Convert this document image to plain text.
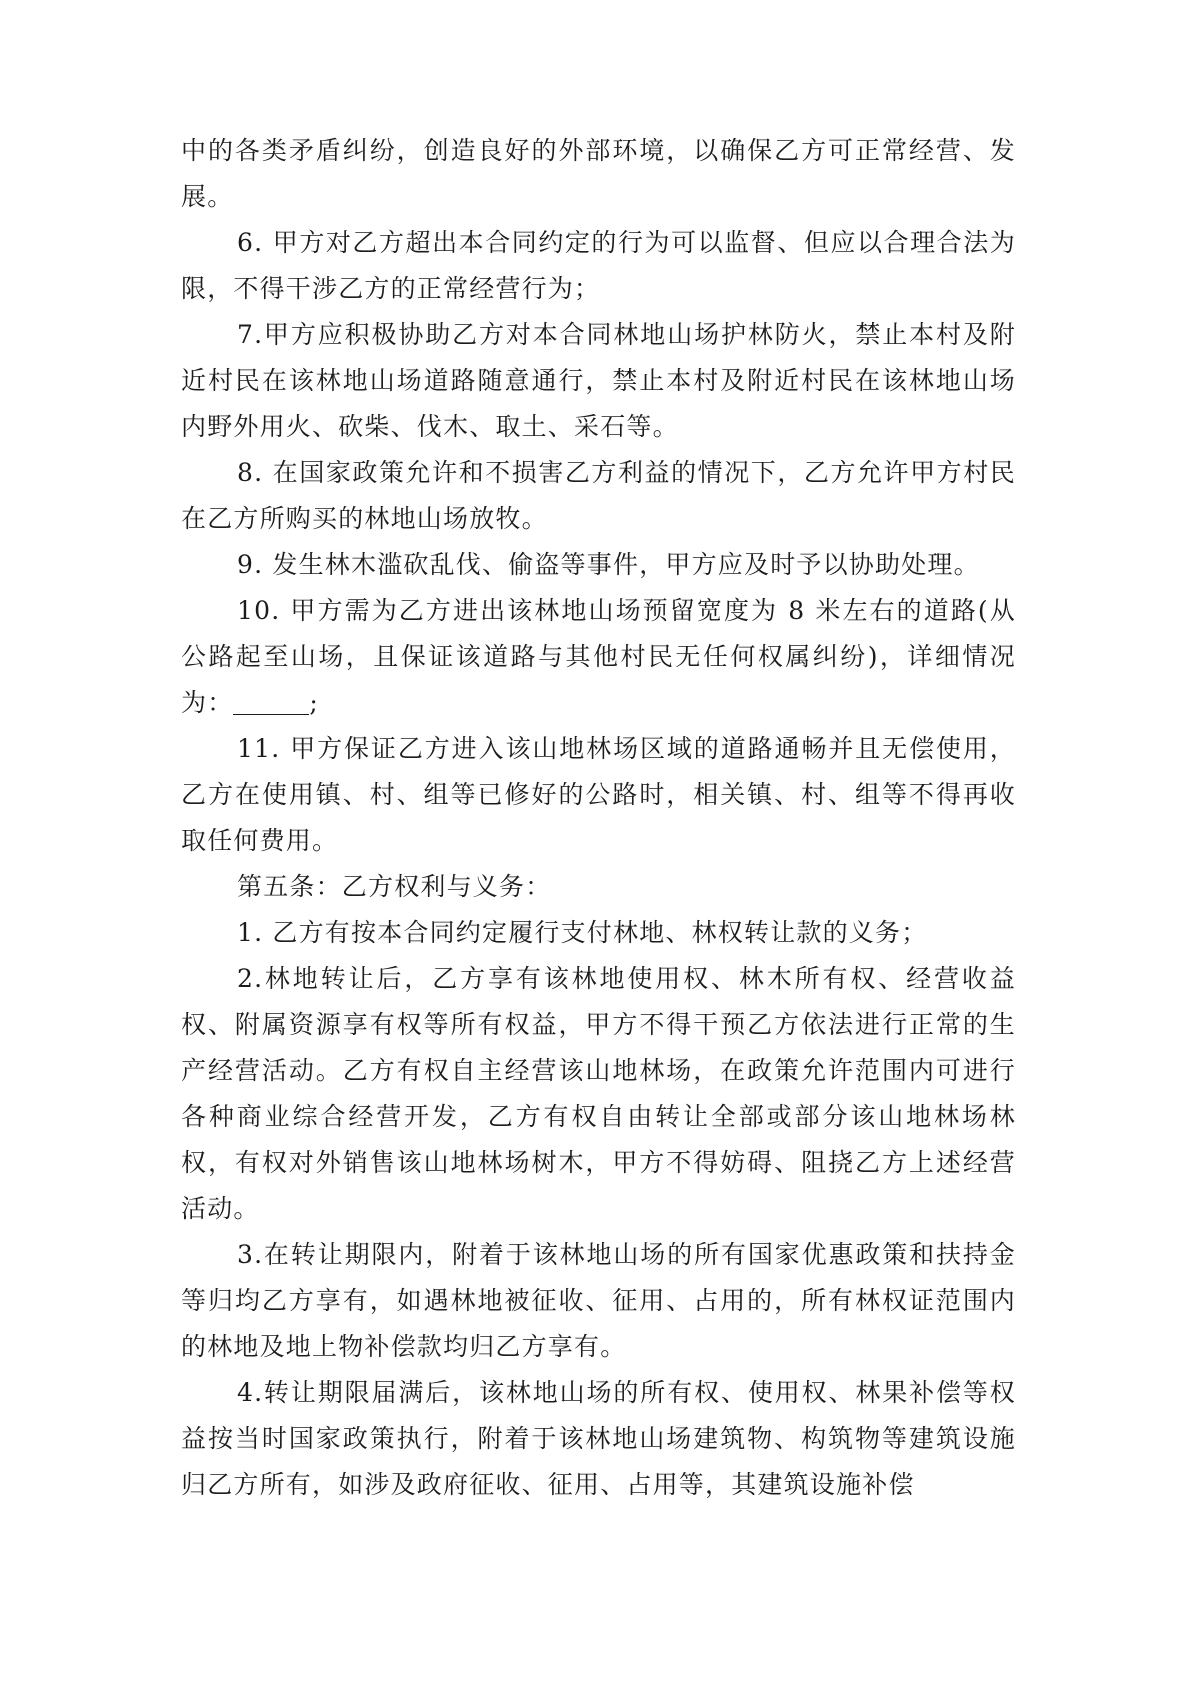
中的各类矛盾纠纷，创造良好的外部环境，以确保乙方可正常经营、发展。

6. 甲方对乙方超出本合同约定的行为可以监督、但应以合理合法为限，不得干涉乙方的正常经营行为；

7.甲方应积极协助乙方对本合同林地山场护林防火，禁止本村及附近村民在该林地山场道路随意通行，禁止本村及附近村民在该林地山场内野外用火、砍柴、伐木、取土、采石等。

8. 在国家政策允许和不损害乙方利益的情况下，乙方允许甲方村民在乙方所购买的林地山场放牧。

9. 发生林木滥砍乱伐、偷盗等事件，甲方应及时予以协助处理。

10. 甲方需为乙方进出该林地山场预留宽度为 8 米左右的道路(从公路起至山场，且保证该道路与其他村民无任何权属纠纷)，详细情况为：	;

11. 甲方保证乙方进入该山地林场区域的道路通畅并且无偿使用，乙方在使用镇、村、组等已修好的公路时，相关镇、村、组等不得再收取任何费用。

第五条：乙方权利与义务：

1. 乙方有按本合同约定履行支付林地、林权转让款的义务；

2.林地转让后，乙方享有该林地使用权、林木所有权、经营收益权、附属资源享有权等所有权益，甲方不得干预乙方依法进行正常的生产经营活动。乙方有权自主经营该山地林场，在政策允许范围内可进行各种商业综合经营开发，乙方有权自由转让全部或部分该山地林场林权，有权对外销售该山地林场树木，甲方不得妨碍、阻挠乙方上述经营活动。

3.在转让期限内，附着于该林地山场的所有国家优惠政策和扶持金等归均乙方享有，如遇林地被征收、征用、占用的，所有林权证范围内的林地及地上物补偿款均归乙方享有。

4.转让期限届满后，该林地山场的所有权、使用权、林果补偿等权益按当时国家政策执行，附着于该林地山场建筑物、构筑物等建筑设施归乙方所有，如涉及政府征收、征用、占用等，其建筑设施补偿
